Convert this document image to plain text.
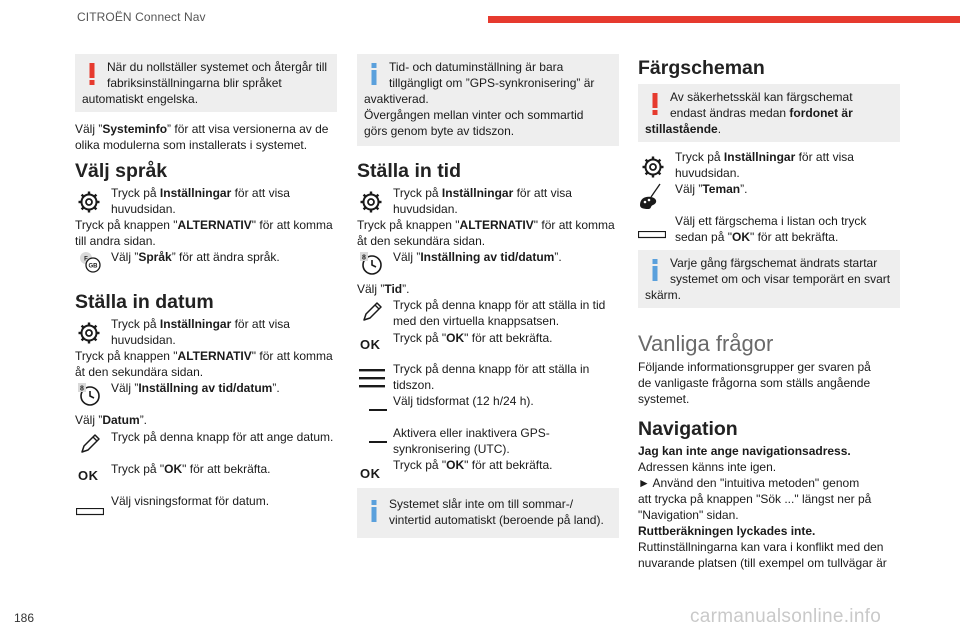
CITROËN Connect Nav
När du nollställer systemet och återgår till
fabriksinställningarna blir språket
automatiskt engelska.
Välj ”Systeminfo” för att visa versionerna av de
olika modulerna som installerats i systemet.
Välj språk
Tryck på Inställningar för att visa
huvudsidan.
Tryck på knappen "ALTERNATIV" för att komma
till andra sidan.
F
GB
Välj ”Språk” för att ändra språk.
Ställa in datum
Tryck på Inställningar för att visa
huvudsidan.
Tryck på knappen "ALTERNATIV" för att komma
åt den sekundära sidan.
8 Välj ”Inställning av tid/datum”.
Välj ”Datum”.
Tryck på denna knapp för att ange datum.
OK Tryck på "OK" för att bekräfta.
Välj visningsformat för datum.
Tid- och datuminställning är bara
tillgängligt om ”GPS-synkronisering” är
avaktiverad.
Övergången mellan vinter och sommartid
görs genom byte av tidszon.
Ställa in tid
Tryck på Inställningar för att visa
huvudsidan.
Tryck på knappen "ALTERNATIV" för att komma
åt den sekundära sidan.
8 Välj ”Inställning av tid/datum”.
Välj ”Tid”.
Tryck på denna knapp för att ställa in tid
med den virtuella knappsatsen.
OK Tryck på "OK" för att bekräfta.
Tryck på denna knapp för att ställa in
tidszon.
Välj tidsformat (12 h/24 h).
Aktivera eller inaktivera GPS-
synkronisering (UTC).
OK
Tryck på "OK" för att bekräfta.
Systemet slår inte om till sommar-/
vintertid automatiskt (beroende på land).
Färgscheman
Av säkerhetsskäl kan färgschemat
endast ändras medan fordonet är
stillastående.
Tryck på Inställningar för att visa
huvudsidan.
Välj ”Teman”.
Välj ett färgschema i listan och tryck
sedan på "OK" för att bekräfta.
Varje gång färgschemat ändrats startar
systemet om och visar temporärt en svart
skärm.
Vanliga frågor
Följande informationsgrupper ger svaren på
de vanligaste frågorna som ställs angående
systemet.
Navigation
Jag kan inte ange navigationsadress.
Adressen känns inte igen.
► Använd den "intuitiva metoden" genom
att trycka på knappen "Sök ..." längst ner på
"Navigation" sidan.
Ruttberäkningen lyckades inte.
Ruttinställningarna kan vara i konflikt med den
nuvarande platsen (till exempel om tullvägar är
186	carmanualsonline.info
